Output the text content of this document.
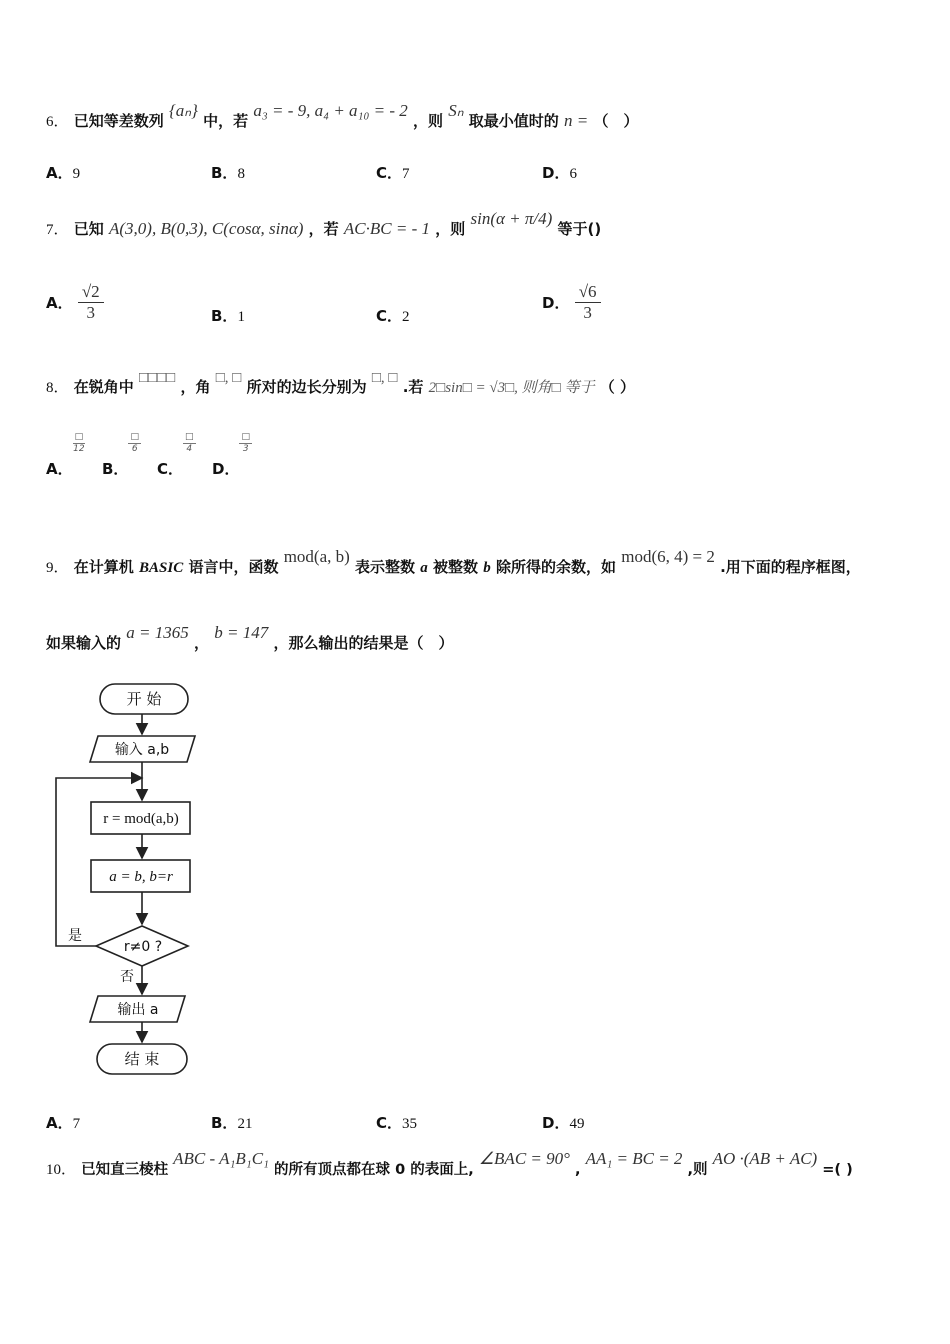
6． 已知等差数列 {aₙ} 中，若 a₃ = - 9, a₄ + a₁₀ = - 2 ，则 Sₙ 取最小值时的 n = （　）
A．9	B．8	C．7	D．6
7． 已知 A(3,0), B(0,3), C(cosα, sinα) ，若 AC·BC = - 1 ，则 sin(α + π/4) 等于()
A． $\frac{√2}{3}$	B．1	C．2
D． $\frac{√6}{3}$
8． 在锐角中 □□□□ ，角 □, □ 所对的边长分别为 □, □ .若 2□sin□ = √3□, 则角□ 等于 （ ）
A．
□
12
B．
□
6
C．
□
4
D．
□
3
9． 在计算机 BASIC 语言中，函数 mod(a, b) 表示整数 a 被整数 b 除所得的余数，如 mod(6, 4) = 2 .用下面的程序框图，
如果输入的 a = 1365 ， b = 147 ，那么输出的结果是（　）
开 始
输入 a,b
r = mod(a,b)
a = b, b=r
r≠0 ?
是
否
输出 a
结 束
A．7	B．21	C．35	D．49
10． 已知直三棱柱 ABC - A₁B₁C₁ 的所有顶点都在球 0 的表面上, ∠BAC = 90° , AA₁ = BC = 2 ,则 AO ·(AB + AC) =( )
